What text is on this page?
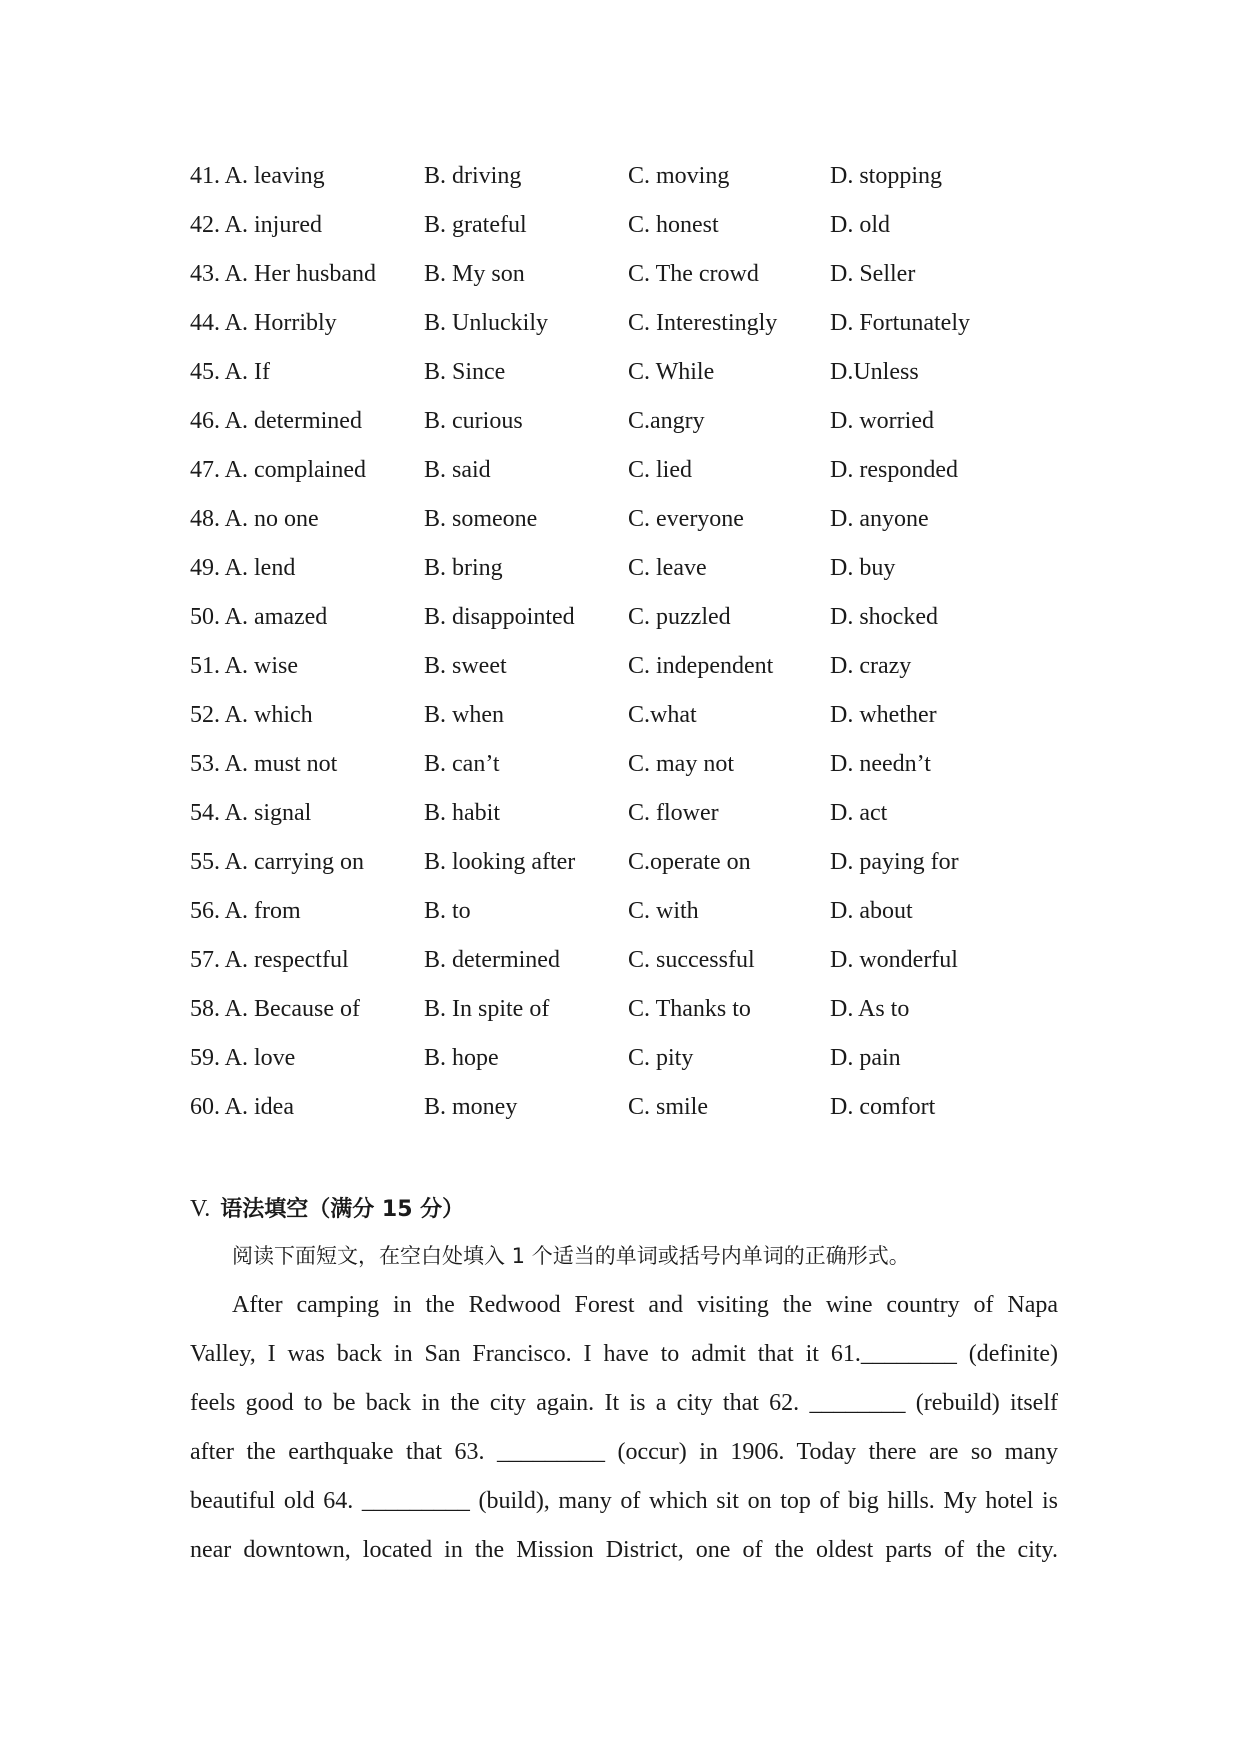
41. A. leaving	B. driving	C. moving	D. stopping
42. A. injured	B. grateful	C. honest	D. old
43. A. Her husband	B. My son	C. The crowd	D. Seller
44. A. Horribly	B. Unluckily	C. Interestingly	D. Fortunately
45. A. If	B. Since	C. While	D.Unless
46. A. determined	B. curious	C.angry	D. worried
47. A. complained	B. said	C. lied	D. responded
48. A. no one	B. someone	C. everyone	D. anyone
49. A. lend	B. bring	C. leave	D. buy
50. A. amazed	B. disappointed	C. puzzled	D. shocked
51. A. wise	B. sweet	C. independent	D. crazy
52. A. which	B. when	C.what	D. whether
53. A. must not	B. can’t	C. may not	D. needn’t
54. A. signal	B. habit	C. flower	D. act
55. A. carrying on	B. looking after	C.operate on	D. paying for
56. A. from	B. to	C. with	D. about
57. A. respectful	B. determined	C. successful	D. wonderful
58. A. Because of	B. In spite of	C. Thanks to	D. As to
59. A. love	B. hope	C. pity	D. pain
60. A. idea	B. money	C. smile	D. comfort
V. 语法填空（满分 15 分）
阅读下面短文，在空白处填入 1 个适当的单词或括号内单词的正确形式。
After camping in the Redwood Forest and visiting the wine country of Napa
Valley, I was back in San Francisco. I have to admit that it 61.________ (definite)
feels good to be back in the city again. It is a city that 62. ________ (rebuild) itself
after the earthquake that 63. _________ (occur) in 1906. Today there are so many
beautiful old 64. _________ (build), many of which sit on top of big hills. My hotel is
near downtown, located in the Mission District, one of the oldest parts of the city.
